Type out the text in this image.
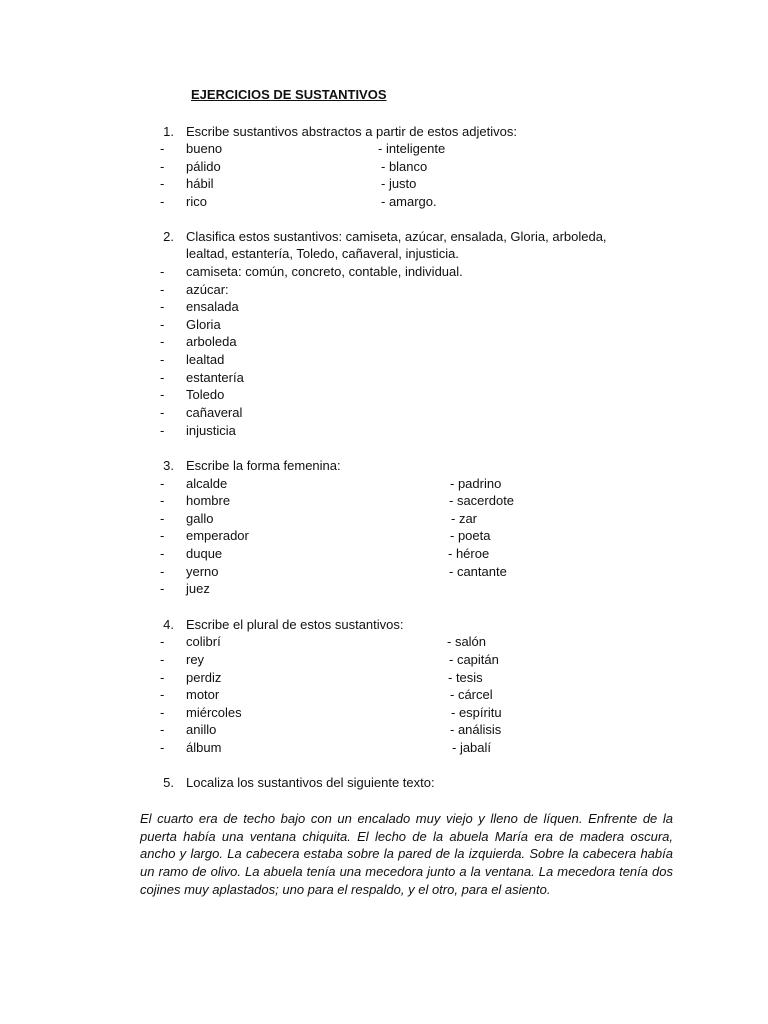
EJERCICIOS DE SUSTANTIVOS
1. Escribe sustantivos abstractos a partir de estos adjetivos:
- bueno	- inteligente
- pálido	- blanco
- hábil	- justo
- rico	- amargo.
2. Clasifica estos sustantivos: camiseta, azúcar, ensalada, Gloria, arboleda,
lealtad, estantería, Toledo, cañaveral, injusticia.
- camiseta: común, concreto, contable, individual.
- azúcar:
- ensalada
- Gloria
- arboleda
- lealtad
- estantería
- Toledo
- cañaveral
- injusticia
3. Escribe la forma femenina:
- alcalde	- padrino
- hombre	- sacerdote
- gallo	- zar
- emperador	- poeta
- duque	- héroe
- yerno	- cantante
- juez
4. Escribe el plural de estos sustantivos:
- colibrí	- salón
- rey	- capitán
- perdiz	- tesis
- motor	- cárcel
- miércoles	- espíritu
- anillo	- análisis
- álbum	- jabalí
5. Localiza los sustantivos del siguiente texto:

El cuarto era de techo bajo con un encalado muy viejo y lleno de líquen. Enfrente de la puerta había una ventana chiquita. El lecho de la abuela María era de madera oscura, ancho y largo. La cabecera estaba sobre la pared de la izquierda. Sobre la cabecera había un ramo de olivo. La abuela tenía una mecedora junto a la ventana. La mecedora tenía dos cojines muy aplastados; uno para el respaldo, y el otro, para el asiento.
